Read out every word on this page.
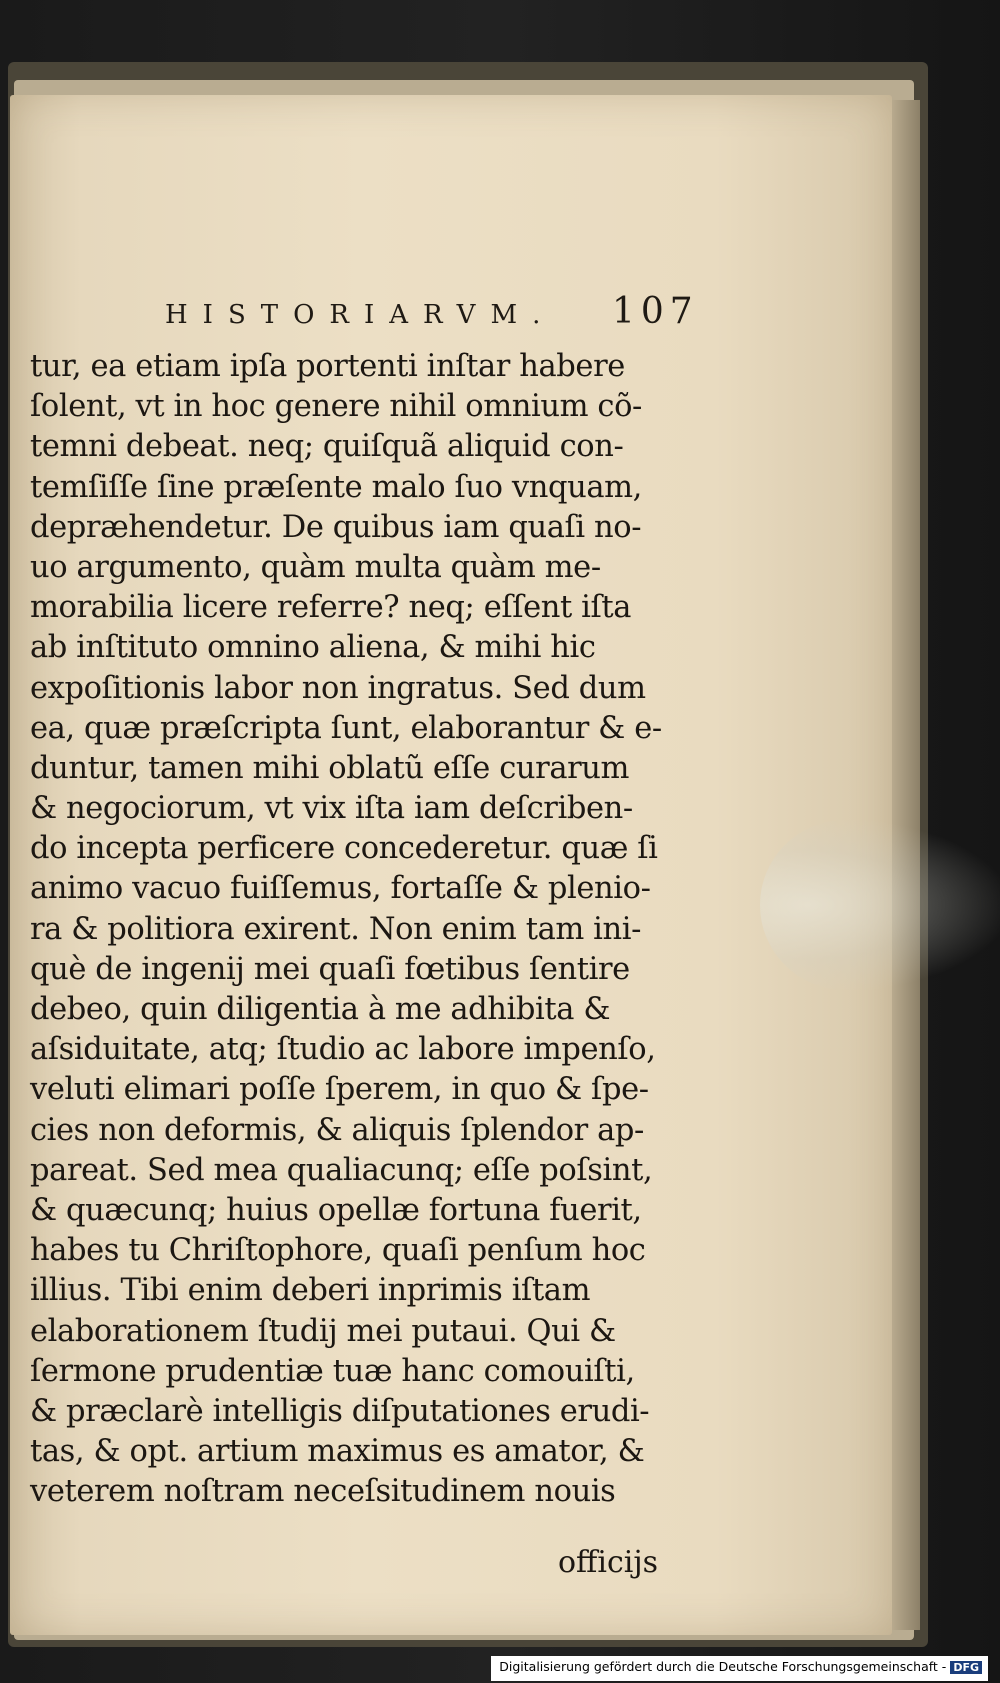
HISTORIARVM.	107
tur, ea etiam ipſa portenti inſtar habere
ſolent, vt in hoc genere nihil omnium cõ-
temni debeat. neq; quiſquã aliquid con-
temſiſſe ſine præſente malo ſuo vnquam,
deprӕhendetur. De quibus iam quaſi no-
uo argumento, quàm multa quàm me-
morabilia licere referre? neq; eſſent iſta
ab inſtituto omnino aliena, & mihi hic
expoſitionis labor non ingratus. Sed dum
ea, quæ præſcripta ſunt, elaborantur & e-
duntur, tamen mihi oblatũ eſſe curarum
& negociorum, vt vix iſta iam deſcriben-
do incepta perficere concederetur. quæ ſi
animo vacuo fuiſſemus, fortaſſe & plenio-
ra & politiora exirent. Non enim tam ini-
què de ingenij mei quaſi fœtibus ſentire
debeo, quin diligentia à me adhibita &
aſsiduitate, atq; ſtudio ac labore impenſo,
veluti elimari poſſe ſperem, in quo & ſpe-
cies non deformis, & aliquis ſplendor ap-
pareat. Sed mea qualiacunq; eſſe poſsint,
& quæcunq; huius opellæ fortuna fuerit,
habes tu Chriſtophore, quaſi penſum hoc
illius. Tibi enim deberi inprimis iſtam
elaborationem ſtudij mei putaui. Qui &
ſermone prudentiæ tuæ hanc comouiſti,
& præclarè intelligis diſputationes erudi-
tas, & opt. artium maximus es amator, &
veterem noſtram neceſsitudinem nouis
officijs
Digitalisierung gefördert durch die Deutsche Forschungsgemeinschaft - DFG
